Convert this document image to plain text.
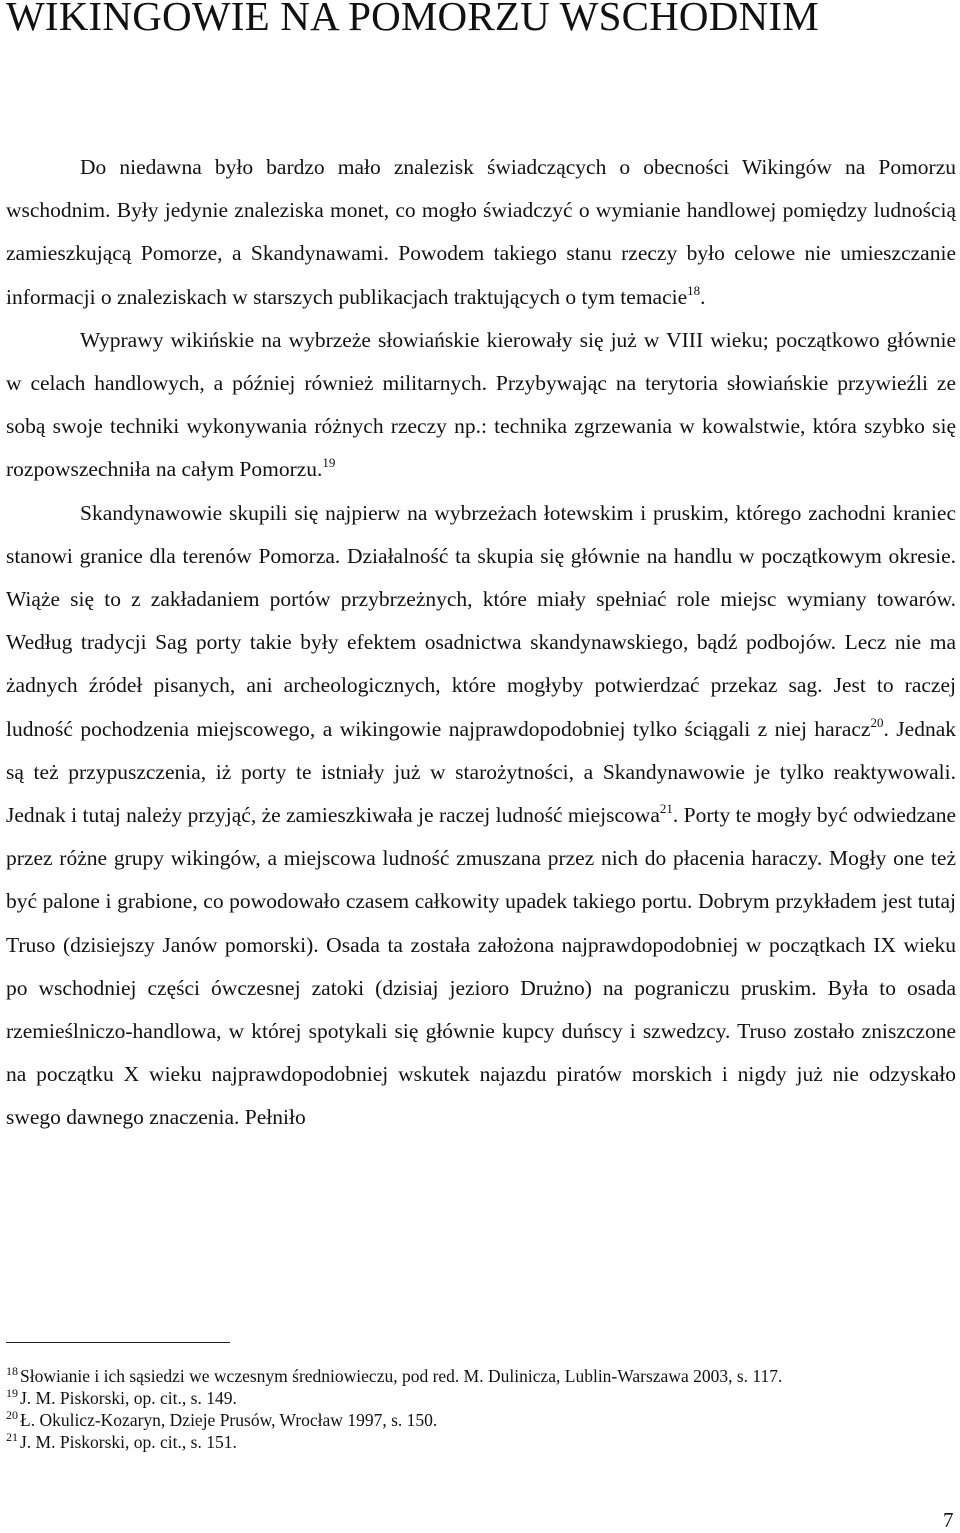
WIKINGOWIE NA POMORZU WSCHODNIM

Do niedawna było bardzo mało znalezisk świadczących o obecności Wikingów na Pomorzu wschodnim. Były jedynie znaleziska monet, co mogło świadczyć o wymianie handlowej pomiędzy ludnością zamieszkującą Pomorze, a Skandynawami. Powodem takiego stanu rzeczy było celowe nie umieszczanie informacji o znaleziskach w starszych publikacjach traktujących o tym temacie$^{18}$.

Wyprawy wikińskie na wybrzeże słowiańskie kierowały się już w VIII wieku; początkowo głównie w celach handlowych, a później również militarnych. Przybywając na terytoria słowiańskie przywieźli ze sobą swoje techniki wykonywania różnych rzeczy np.: technika zgrzewania w kowalstwie, która szybko się rozpowszechniła na całym Pomorzu.$^{19}$

Skandynawowie skupili się najpierw na wybrzeżach łotewskim i pruskim, którego zachodni kraniec stanowi granice dla terenów Pomorza. Działalność ta skupia się głównie na handlu w początkowym okresie. Wiąże się to z zakładaniem portów przybrzeżnych, które miały spełniać role miejsc wymiany towarów. Według tradycji Sag porty takie były efektem osadnictwa skandynawskiego, bądź podbojów. Lecz nie ma żadnych źródeł pisanych, ani archeologicznych, które mogłyby potwierdzać przekaz sag. Jest to raczej ludność pochodzenia miejscowego, a wikingowie najprawdopodobniej tylko ściągali z niej haracz$^{20}$. Jednak są też przypuszczenia, iż porty te istniały już w starożytności, a Skandynawowie je tylko reaktywowali. Jednak i tutaj należy przyjąć, że zamieszkiwała je raczej ludność miejscowa$^{21}$. Porty te mogły być odwiedzane przez różne grupy wikingów, a miejscowa ludność zmuszana przez nich do płacenia haraczy. Mogły one też być palone i grabione, co powodowało czasem całkowity upadek takiego portu. Dobrym przykładem jest tutaj Truso (dzisiejszy Janów pomorski). Osada ta została założona najprawdopodobniej w początkach IX wieku po wschodniej części ówczesnej zatoki (dzisiaj jezioro Drużno) na pograniczu pruskim. Była to osada rzemieślniczo-handlowa, w której spotykali się głównie kupcy duńscy i szwedzcy. Truso zostało zniszczone na początku X wieku najprawdopodobniej wskutek najazdu piratów morskich i nigdy już nie odzyskało swego dawnego znaczenia. Pełniło

$^{18}$ Słowianie i ich sąsiedzi we wczesnym średniowieczu, pod red. M. Dulinicza, Lublin-Warszawa 2003, s. 117.
$^{19}$ J. M. Piskorski, op. cit., s. 149.
$^{20}$ Ł. Okulicz-Kozaryn, Dzieje Prusów, Wrocław 1997, s. 150.
$^{21}$ J. M. Piskorski, op. cit., s. 151.
7
